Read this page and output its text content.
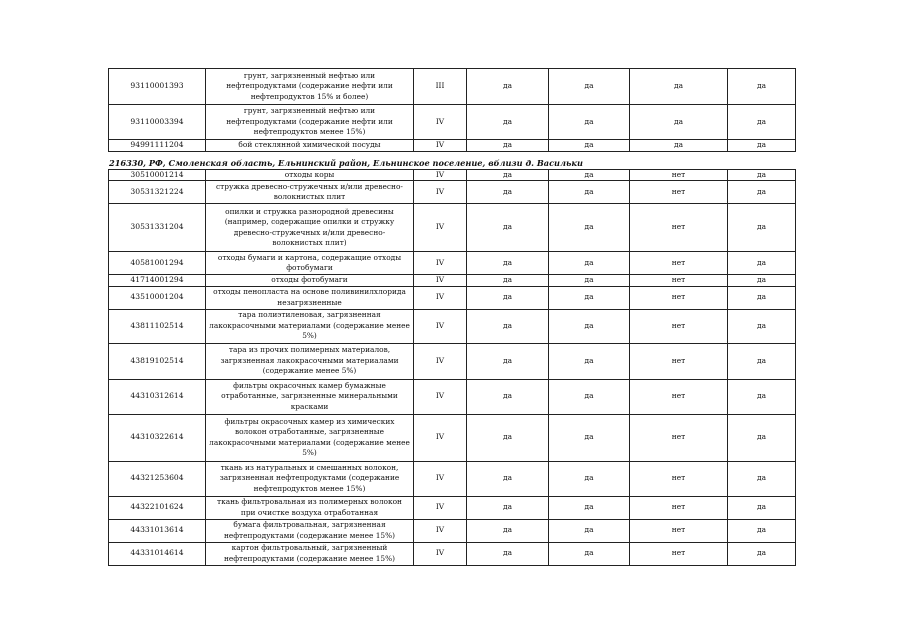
93110001393	грунт, загрязненный нефтью или нефтепродуктами (содержание нефти или нефтепродуктов 15% и более)	III	да	да	да	да
93110003394	грунт, загрязненный нефтью или нефтепродуктами (содержание нефти или нефтепродуктов менее 15%)	IV	да	да	да	да
94991111204	бой стеклянной химической посуды	IV	да	да	да	да
216330, РФ, Смоленская область, Ельнинский район, Ельнинское поселение, вблизи д. Васильки
30510001214	отходы коры	IV	да	да	нет	да
30531321224	стружка древесно-стружечных и/или древесно-волокнистых плит	IV	да	да	нет	да
30531331204	опилки и стружка разнородной древесины (например, содержащие опилки и стружку древесно-стружечных и/или древесно-волокнистых плит)	IV	да	да	нет	да
40581001294	отходы бумаги и картона, содержащие отходы фотобумаги	IV	да	да	нет	да
41714001294	отходы фотобумаги	IV	да	да	нет	да
43510001204	отходы пенопласта на основе поливинилхлорида незагрязненные	IV	да	да	нет	да
43811102514	тара полиэтиленовая, загрязненная лакокрасочными материалами (содержание менее 5%)	IV	да	да	нет	да
43819102514	тара из прочих полимерных материалов, загрязненная лакокрасочными материалами (содержание менее 5%)	IV	да	да	нет	да
44310312614	фильтры окрасочных камер бумажные отработанные, загрязненные минеральными красками	IV	да	да	нет	да
44310322614	фильтры окрасочных камер из химических волокон отработанные, загрязненные лакокрасочными материалами (содержание менее 5%)	IV	да	да	нет	да
44321253604	ткань из натуральных и смешанных волокон, загрязненная нефтепродуктами (содержание нефтепродуктов менее 15%)	IV	да	да	нет	да
44322101624	ткань фильтровальная из полимерных волокон при очистке воздуха отработанная	IV	да	да	нет	да
44331013614	бумага фильтровальная, загрязненная нефтепродуктами (содержание менее 15%)	IV	да	да	нет	да
44331014614	картон фильтровальный, загрязненный нефтепродуктами (содержание менее 15%)	IV	да	да	нет	да
